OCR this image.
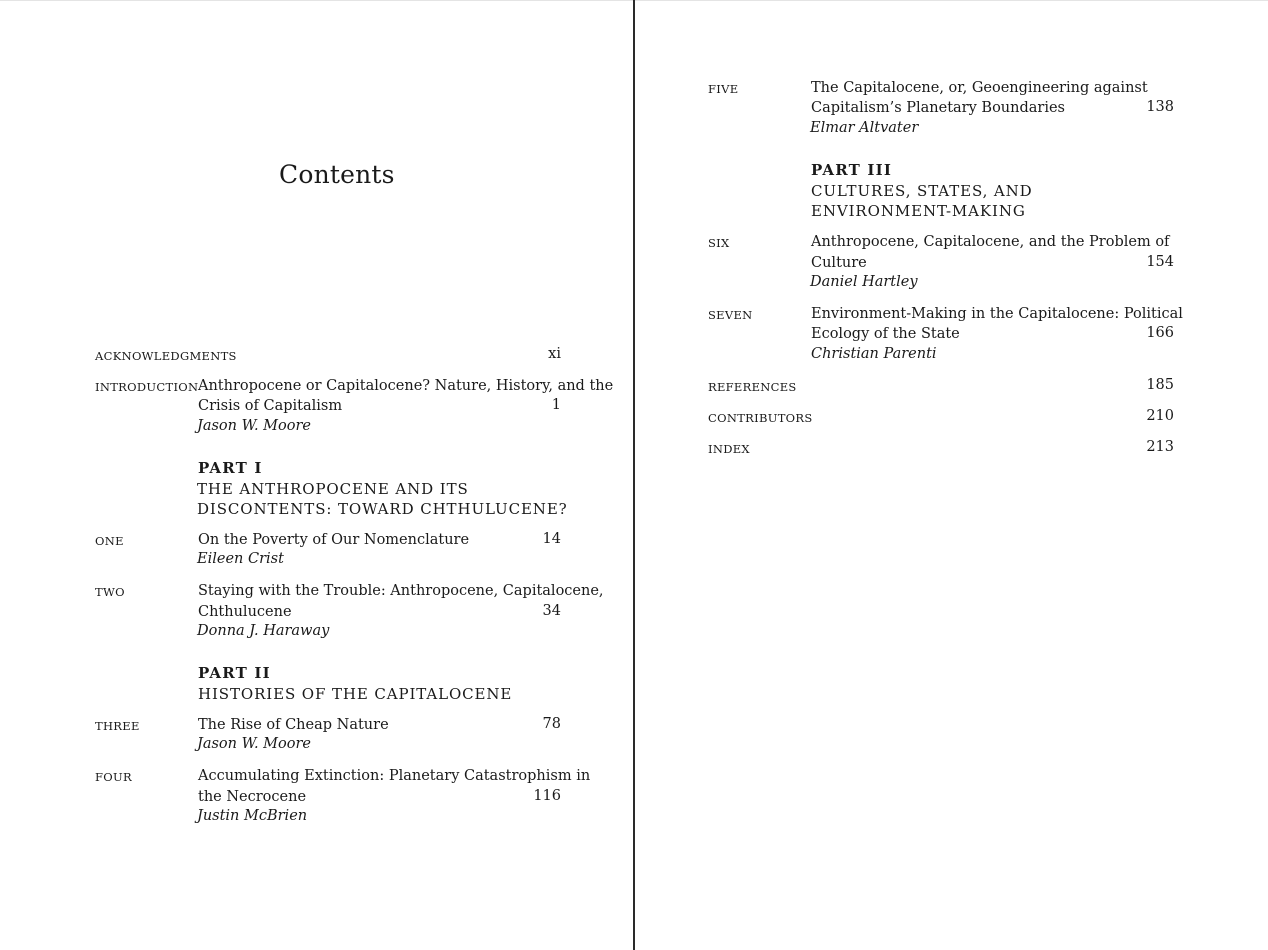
Contents
ACKNOWLEDGMENTS	xi
INTRODUCTION Anthropocene or Capitalocene? Nature, History, and the
Crisis of Capitalism	1
Jason W. Moore
PART I
THE ANTHROPOCENE AND ITS
DISCONTENTS: TOWARD CHTHULUCENE?
ONE	On the Poverty of Our Nomenclature	14
Eileen Crist
TWO	Staying with the Trouble: Anthropocene, Capitalocene,
Chthulucene	34
Donna J. Haraway
PART II
HISTORIES OF THE CAPITALOCENE
THREE	The Rise of Cheap Nature	78
Jason W. Moore
FOUR	Accumulating Extinction: Planetary Catastrophism in
the Necrocene	116
Justin McBrien
FIVE	The Capitalocene, or, Geoengineering against
Capitalism’s Planetary Boundaries	138
Elmar Altvater
PART III
CULTURES, STATES, AND
ENVIRONMENT-MAKING
SIX	Anthropocene, Capitalocene, and the Problem of
Culture	154
Daniel Hartley
SEVEN	Environment-Making in the Capitalocene: Political
Ecology of the State	166
Christian Parenti
REFERENCES	185
CONTRIBUTORS	210
INDEX	213
